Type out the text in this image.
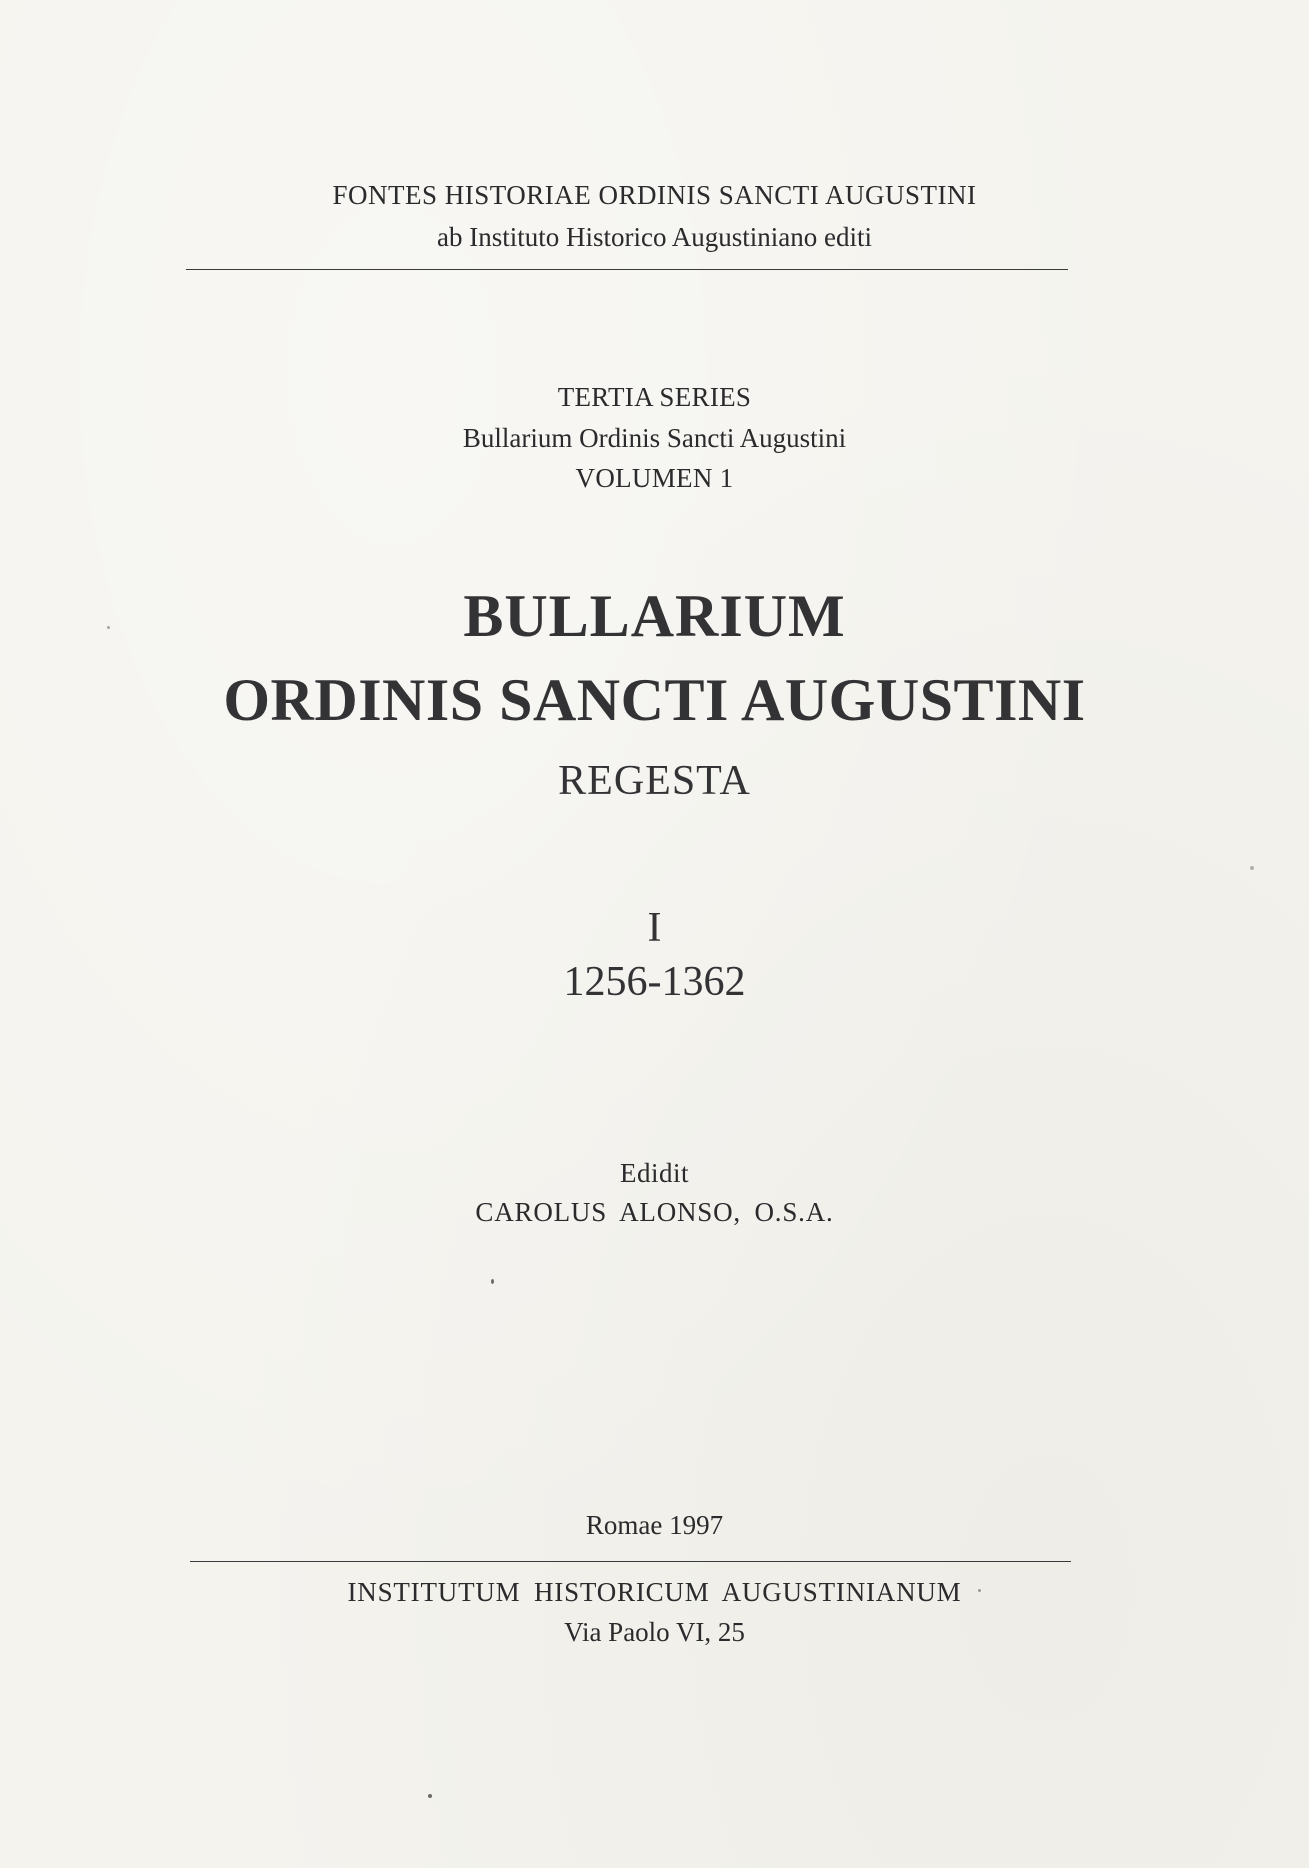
FONTES HISTORIAE ORDINIS SANCTI AUGUSTINI
ab Instituto Historico Augustiniano editi
TERTIA SERIES
Bullarium Ordinis Sancti Augustini
VOLUMEN 1
BULLARIUM
ORDINIS SANCTI AUGUSTINI
REGESTA
I
1256-1362
Edidit
CAROLUS ALONSO, O.S.A.
Romae 1997
INSTITUTUM HISTORICUM AUGUSTINIANUM
Via Paolo VI, 25
